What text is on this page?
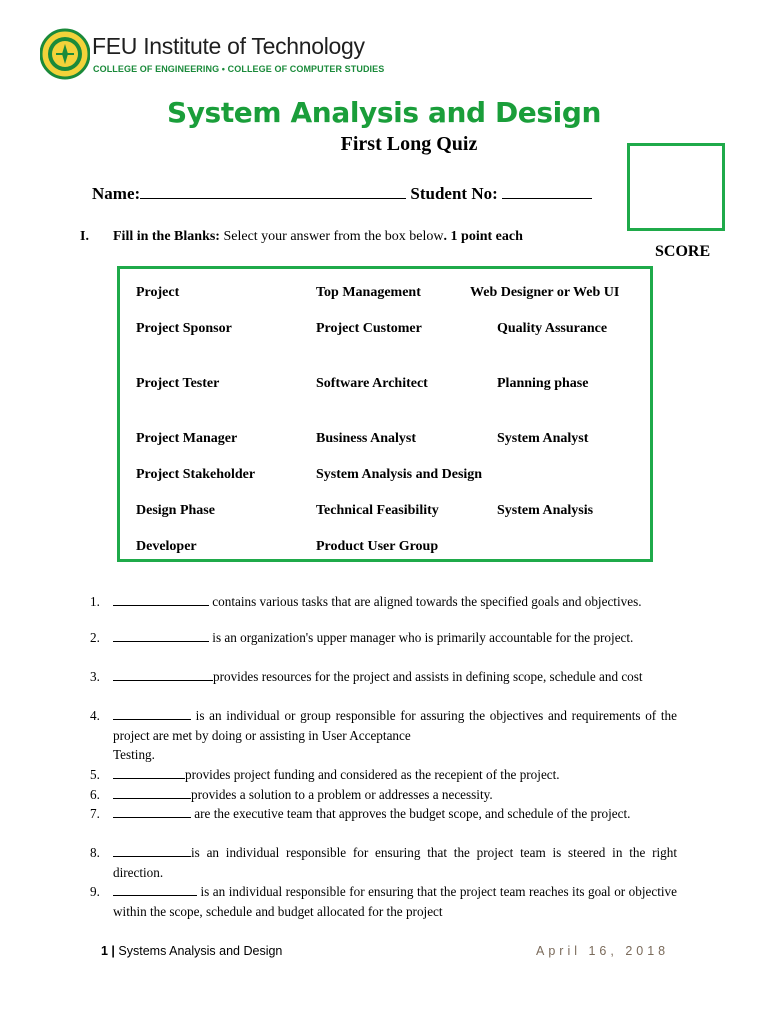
FEU Institute of Technology
COLLEGE OF ENGINEERING • COLLEGE OF COMPUTER STUDIES
System Analysis and Design
First Long Quiz
SCORE
Name:	Student No:
I. Fill in the Blanks: Select your answer from the box below. 1 point each
Project	Top Management	Web Designer or Web UI
Project Sponsor	Project Customer	Quality Assurance
Project Tester	Software Architect	Planning phase
Project Manager	Business Analyst	System Analyst
Project Stakeholder	System Analysis and Design
Design Phase	Technical Feasibility	System Analysis
Developer	Product User Group
1.	contains various tasks that are aligned towards the specified goals and objectives.
2.	is an organization's upper manager who is primarily accountable for the project.
3.	provides resources for the project and assists in defining scope, schedule and cost
4.	is an individual or group responsible for assuring the objectives and requirements of the project are met by doing or assisting in User Acceptance
Testing.
5.	provides project funding and considered as the recepient of the project.
6.	provides a solution to a problem or addresses a necessity.
7.	are the executive team that approves the budget scope, and schedule of the project.
8.	is an individual responsible for ensuring that the project team is steered in the right direction.
9.	is an individual responsible for ensuring that the project team reaches its goal or objective within the scope, schedule and budget allocated for the project
1 | Systems Analysis and Design	April 16, 2018
